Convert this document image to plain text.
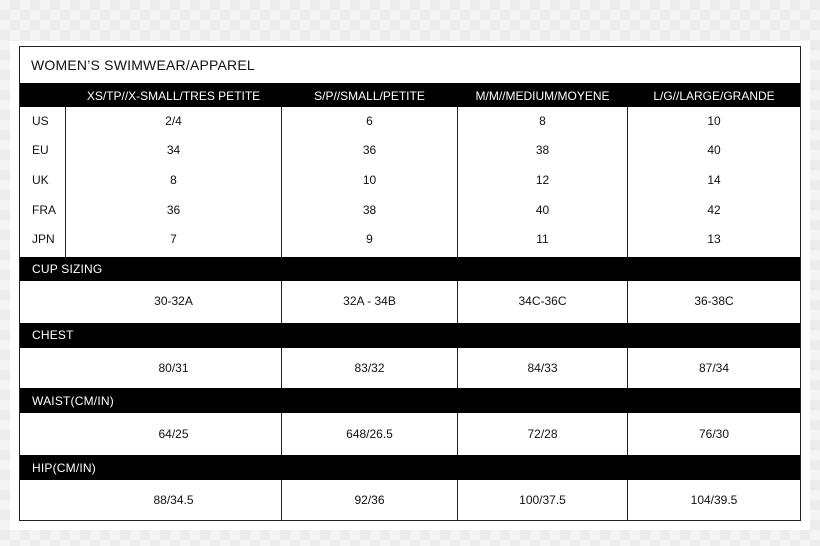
WOMEN’S SWIMWEAR/APPAREL
XS/TP//X-SMALL/TRES PETITE	S/P//SMALL/PETITE	M/M//MEDIUM/MOYENE	L/G//LARGE/GRANDE
US	2/4	6	8	10
EU	34	36	38	40
UK	8	10	12	14
FRA	36	38	40	42
JPN	7	9	11	13
CUP SIZING
30-32A	32A - 34B	34C-36C	36-38C
CHEST
80/31	83/32	84/33	87/34
WAIST(CM/IN)
64/25	648/26.5	72/28	76/30
HIP(CM/IN)
88/34.5	92/36	100/37.5	104/39.5
